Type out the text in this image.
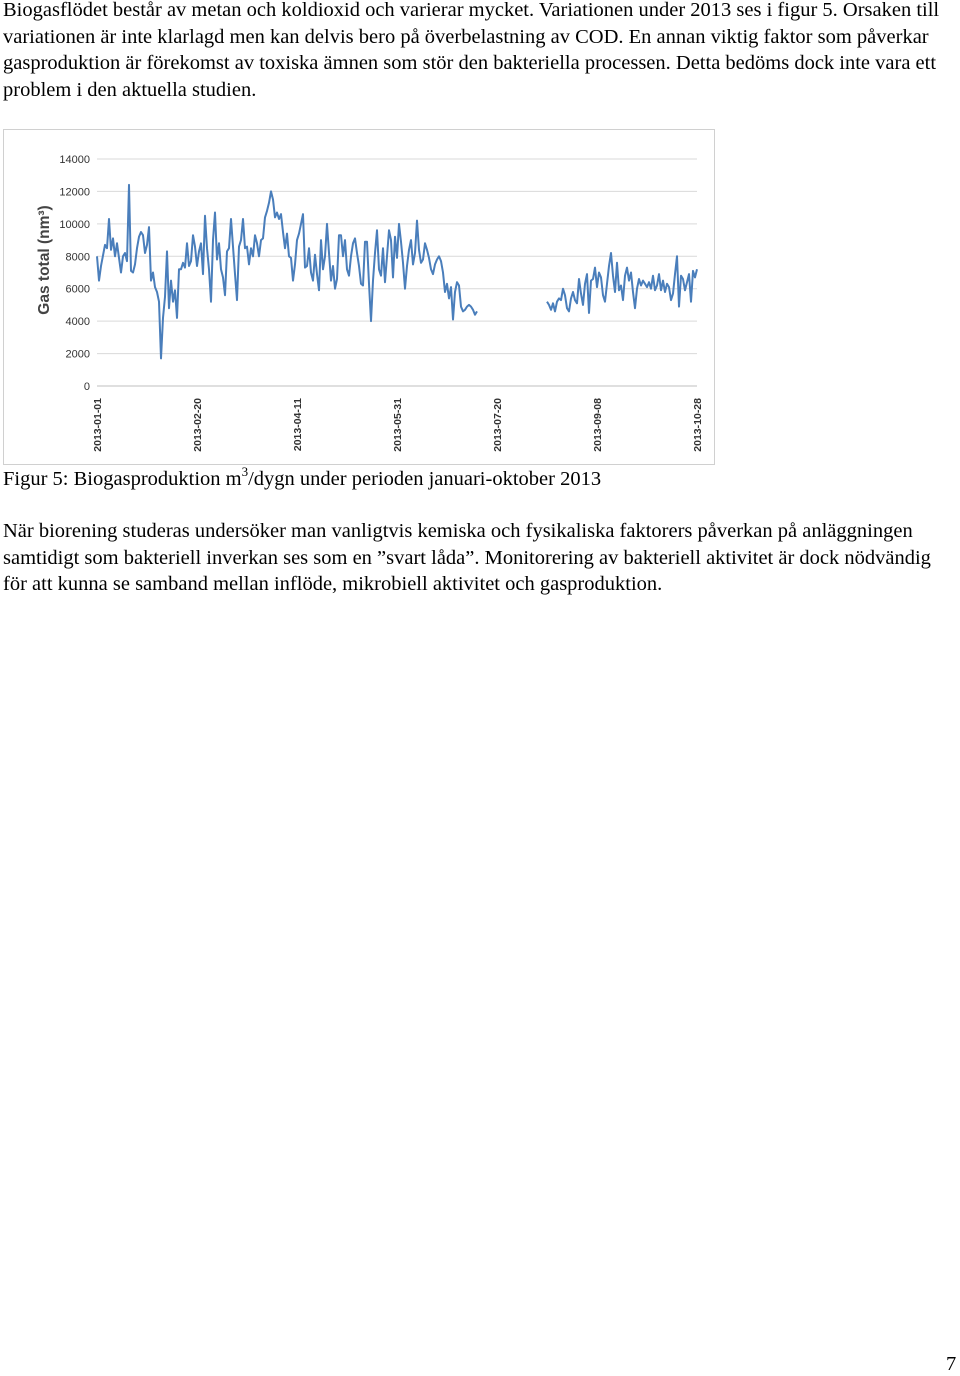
Biogasflödet består av metan och koldioxid och varierar mycket. Variationen under 2013 ses i figur 5. Orsaken till variationen är inte klarlagd men kan delvis bero på överbelastning av COD. En annan viktig faktor som påverkar gasproduktion är förekomst av toxiska ämnen som stör den bakteriella processen. Detta bedöms dock inte vara ett problem i den aktuella studien.

0
2000
4000
6000
8000
10000
12000
14000
2013-01-01	2013-02-20	2013-04-11	2013-05-31	2013-07-20	2013-09-08	2013-10-28
Gas total (nm³)

Figur 5: Biogasproduktion $m^3$/dygn under perioden januari-oktober 2013

När biorening studeras undersöker man vanligtvis kemiska och fysikaliska faktorers påverkan på anläggningen samtidigt som bakteriell inverkan ses som en ”svart låda”. Monitorering av bakteriell aktivitet är dock nödvändig för att kunna se samband mellan inflöde, mikrobiell aktivitet och gasproduktion.

7
